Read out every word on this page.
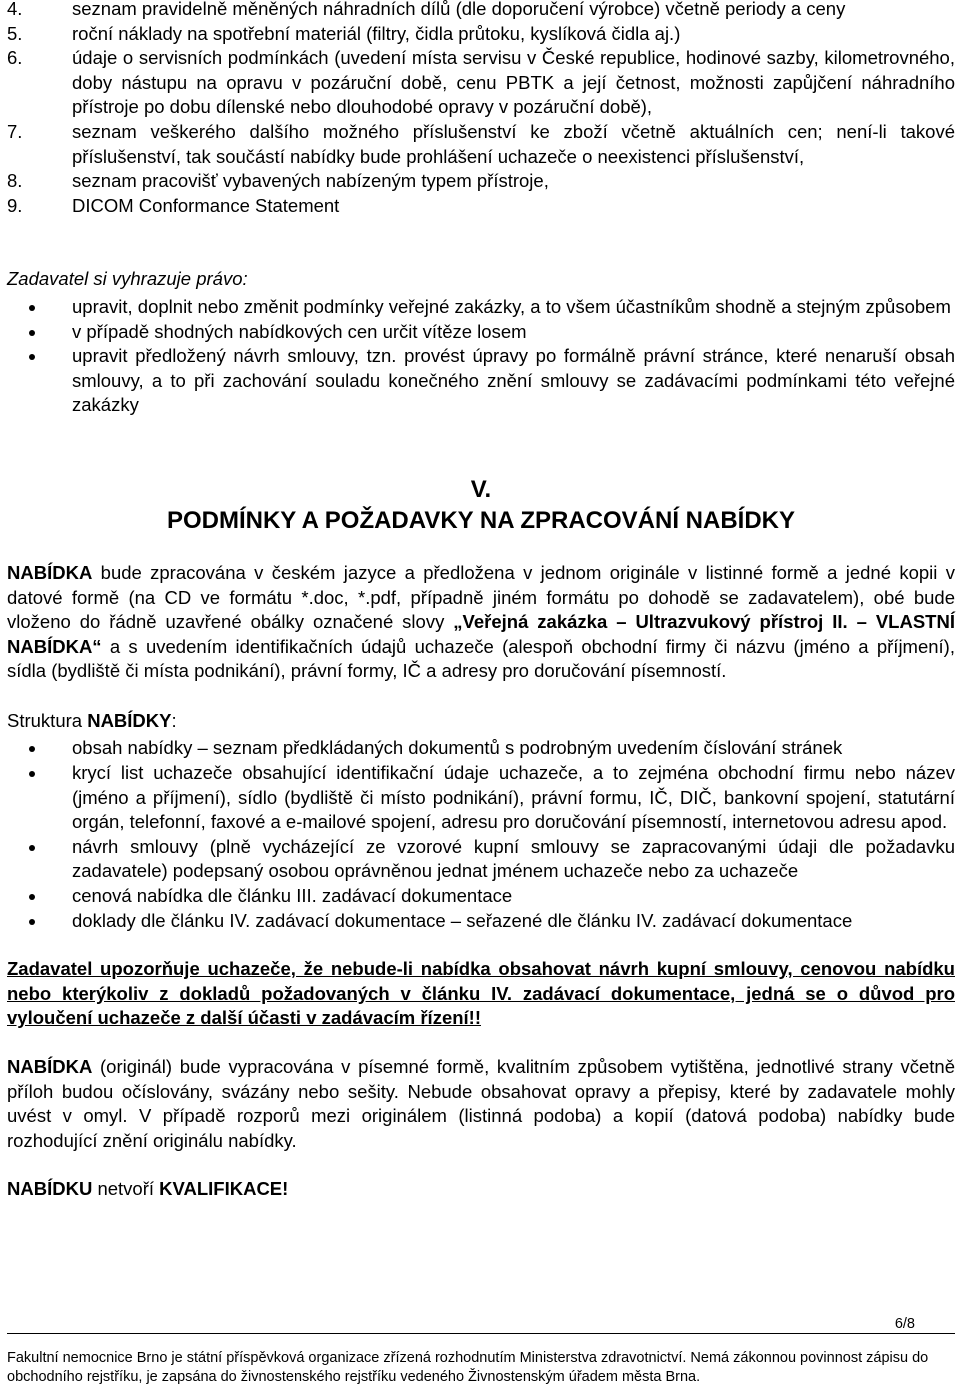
4.	seznam pravidelně měněných náhradních dílů (dle doporučení výrobce) včetně periody a ceny
5.	roční náklady na spotřební materiál (filtry, čidla průtoku, kyslíková čidla aj.)
6.	údaje o servisních podmínkách (uvedení místa servisu v České republice, hodinové sazby, kilometrovného, doby nástupu na opravu v pozáruční době, cenu PBTK a její četnost, možnosti zapůjčení náhradního přístroje po dobu dílenské nebo dlouhodobé opravy v pozáruční době),
7.	seznam veškerého dalšího možného příslušenství ke zboží včetně aktuálních cen; není-li takové příslušenství, tak součástí nabídky bude prohlášení uchazeče o neexistenci příslušenství,
8.	seznam pracovišť vybavených nabízeným typem přístroje,
9.	DICOM Conformance Statement

Zadavatel si vyhrazuje právo:

upravit, doplnit nebo změnit podmínky veřejné zakázky, a to všem účastníkům shodně a stejným způsobem
v případě shodných nabídkových cen určit vítěze losem
upravit předložený návrh smlouvy, tzn. provést úpravy po formálně právní stránce, které nenaruší obsah smlouvy, a to při zachování souladu konečného znění smlouvy se zadávacími podmínkami této veřejné zakázky
V.
PODMÍNKY A POŽADAVKY NA ZPRACOVÁNÍ NABÍDKY

NABÍDKA bude zpracována v českém jazyce a předložena v jednom originále v listinné formě a jedné kopii v datové formě (na CD ve formátu *.doc, *.pdf, případně jiném formátu po dohodě se zadavatelem), obé bude vloženo do řádně uzavřené obálky označené slovy „Veřejná zakázka – Ultrazvukový přístroj II. – VLASTNÍ NABÍDKA“ a s uvedením identifikačních údajů uchazeče (alespoň obchodní firmy či názvu (jméno a příjmení), sídla (bydliště či místa podnikání), právní formy, IČ a adresy pro doručování písemností.

Struktura NABÍDKY:

obsah nabídky – seznam předkládaných dokumentů s podrobným uvedením číslování stránek
krycí list uchazeče obsahující identifikační údaje uchazeče, a to zejména obchodní firmu nebo název (jméno a příjmení), sídlo (bydliště či místo podnikání), právní formu, IČ, DIČ, bankovní spojení, statutární orgán, telefonní, faxové a e-mailové spojení, adresu pro doručování písemností, internetovou adresu apod.
návrh smlouvy (plně vycházející ze vzorové kupní smlouvy se zapracovanými údaji dle požadavku zadavatele) podepsaný osobou oprávněnou jednat jménem uchazeče nebo za uchazeče
cenová nabídka dle článku III. zadávací dokumentace
doklady dle článku IV. zadávací dokumentace – seřazené dle článku IV. zadávací dokumentace

Zadavatel upozorňuje uchazeče, že nebude-li nabídka obsahovat návrh kupní smlouvy, cenovou nabídku nebo kterýkoliv z dokladů požadovaných v článku IV. zadávací dokumentace, jedná se o důvod pro vyloučení uchazeče z další účasti v zadávacím řízení!!

NABÍDKA (originál) bude vypracována v písemné formě, kvalitním způsobem vytištěna, jednotlivé strany včetně příloh budou očíslovány, svázány nebo sešity. Nebude obsahovat opravy a přepisy, které by zadavatele mohly uvést v omyl. V případě rozporů mezi originálem (listinná podoba) a kopií (datová podoba) nabídky bude rozhodující znění originálu nabídky.

NABÍDKU netvoří KVALIFIKACE!

6/8
Fakultní nemocnice Brno je státní příspěvková organizace zřízená rozhodnutím Ministerstva zdravotnictví. Nemá zákonnou povinnost zápisu do obchodního rejstříku, je zapsána do živnostenského rejstříku vedeného Živnostenským úřadem města Brna.
